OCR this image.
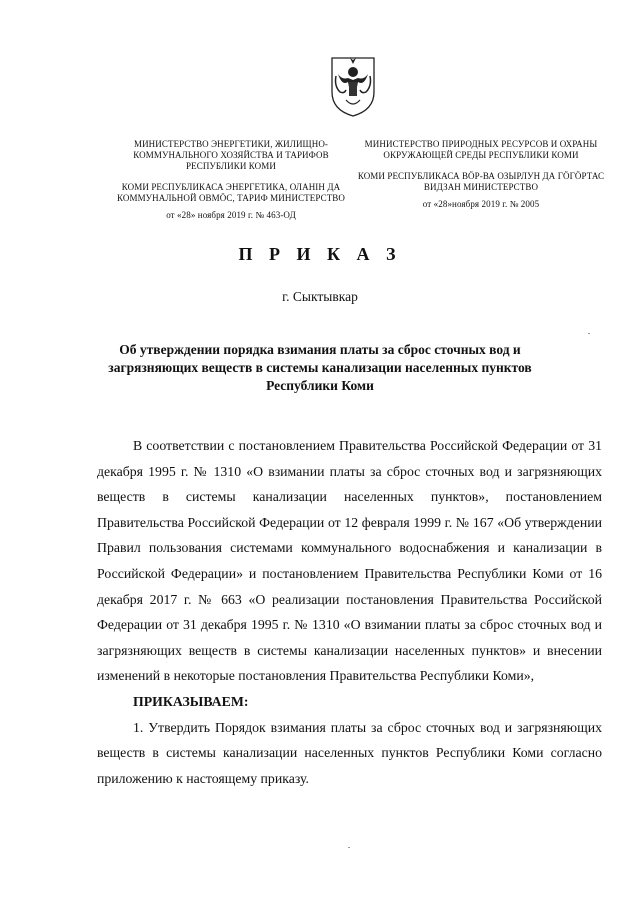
МИНИСТЕРСТВО ЭНЕРГЕТИКИ, ЖИЛИЩНО-КОММУНАЛЬНОГО ХОЗЯЙСТВА И ТАРИФОВ РЕСПУБЛИКИ КОМИ
КОМИ РЕСПУБЛИКАСА ЭНЕРГЕТИКА, ОЛАНІН ДА КОММУНАЛЬНОЙ ОВМÖС, ТАРИФ МИНИСТЕРСТВО
от «28» ноября 2019 г. № 463-ОД
МИНИСТЕРСТВО ПРИРОДНЫХ РЕСУРСОВ И ОХРАНЫ ОКРУЖАЮЩЕЙ СРЕДЫ РЕСПУБЛИКИ КОМИ
КОМИ РЕСПУБЛИКАСА ВÖР-ВА ОЗЫРЛУН ДА ГÖГÖРТАС ВИДЗАН МИНИСТЕРСТВО
от «28»ноября 2019 г. № 2005
П Р И К А З
г. Сыктывкар
Об утверждении порядка взимания платы за сброс сточных вод и загрязняющих веществ в системы канализации населенных пунктов Республики Коми

В соответствии с постановлением Правительства Российской Федерации от 31 декабря 1995 г. № 1310 «О взимании платы за сброс сточных вод и загрязняющих веществ в системы канализации населенных пунктов», постановлением Правительства Российской Федерации от 12 февраля 1999 г. № 167 «Об утверждении Правил пользования системами коммунального водоснабжения и канализации в Российской Федерации» и постановлением Правительства Республики Коми от 16 декабря 2017 г. № 663 «О реализации постановления Правительства Российской Федерации от 31 декабря 1995 г. № 1310 «О взимании платы за сброс сточных вод и загрязняющих веществ в системы канализации населенных пунктов» и внесении изменений в некоторые постановления Правительства Республики Коми»,

ПРИКАЗЫВАЕМ:

1. Утвердить Порядок взимания платы за сброс сточных вод и загрязняющих веществ в системы канализации населенных пунктов Республики Коми согласно приложению к настоящему приказу.
